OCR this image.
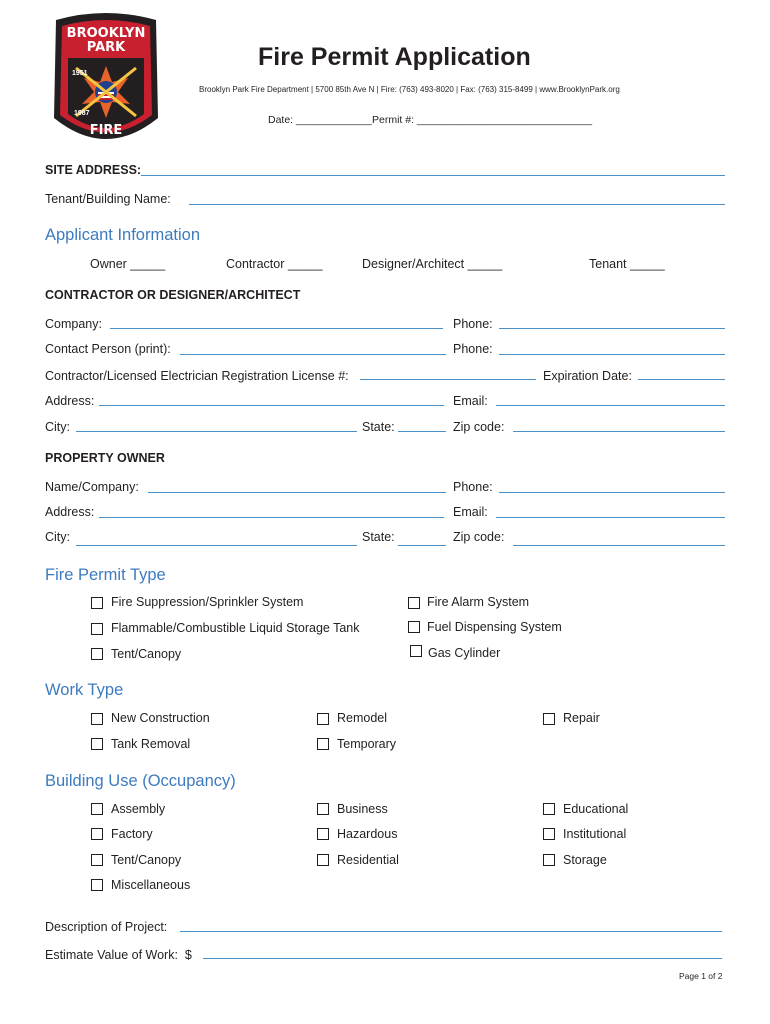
BROOKLYN
PARK
1951
1987
FIRE
Fire Permit Application
Brooklyn Park Fire Department | 5700 85th Ave N | Fire: (763) 493-8020 | Fax: (763) 315-8499 | www.BrooklynPark.org
Date: _____________ Permit #: ______________________________
SITE ADDRESS:
Tenant/Building Name:
Applicant Information
Owner _____	Contractor _____	Designer/Architect _____	Tenant _____
CONTRACTOR OR DESIGNER/ARCHITECT
Company:	Phone:
Contact Person (print):	Phone:
Contractor/Licensed Electrician Registration License #:	Expiration Date:
Address:	Email:
City:	State:	Zip code:
PROPERTY OWNER
Name/Company:	Phone:
Address:	Email:
City:	State:	Zip code:
Fire Permit Type
Fire Suppression/Sprinkler System	Fire Alarm System
Flammable/Combustible Liquid Storage Tank	Fuel Dispensing System
Tent/Canopy	Gas Cylinder
Work Type
New Construction	Remodel	Repair
Tank Removal	Temporary
Building Use (Occupancy)
Assembly	Business	Educational
Factory	Hazardous	Institutional
Tent/Canopy	Residential	Storage
Miscellaneous
Description of Project:
Estimate Value of Work:  $
Page 1 of 2
